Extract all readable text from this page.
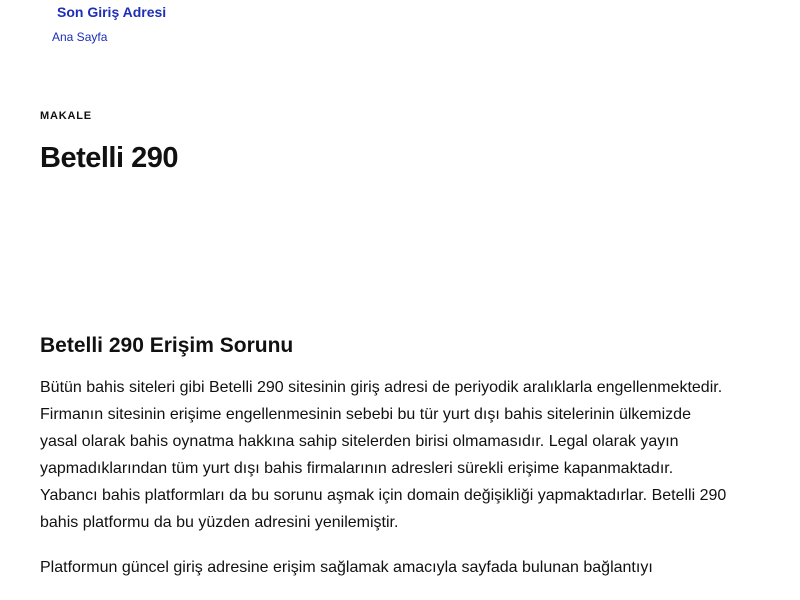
Son Giriş Adresi
Ana Sayfa
MAKALE
Betelli 290
Betelli 290 Erişim Sorunu

Bütün bahis siteleri gibi Betelli 290 sitesinin giriş adresi de periyodik aralıklarla engellenmektedir. Firmanın sitesinin erişime engellenmesinin sebebi bu tür yurt dışı bahis sitelerinin ülkemizde yasal olarak bahis oynatma hakkına sahip sitelerden birisi olmamasıdır. Legal olarak yayın yapmadıklarından tüm yurt dışı bahis firmalarının adresleri sürekli erişime kapanmaktadır. Yabancı bahis platformları da bu sorunu aşmak için domain değişikliği yapmaktadırlar. Betelli 290 bahis platformu da bu yüzden adresini yenilemiştir.

Platformun güncel giriş adresine erişim sağlamak amacıyla sayfada bulunan bağlantıyı
